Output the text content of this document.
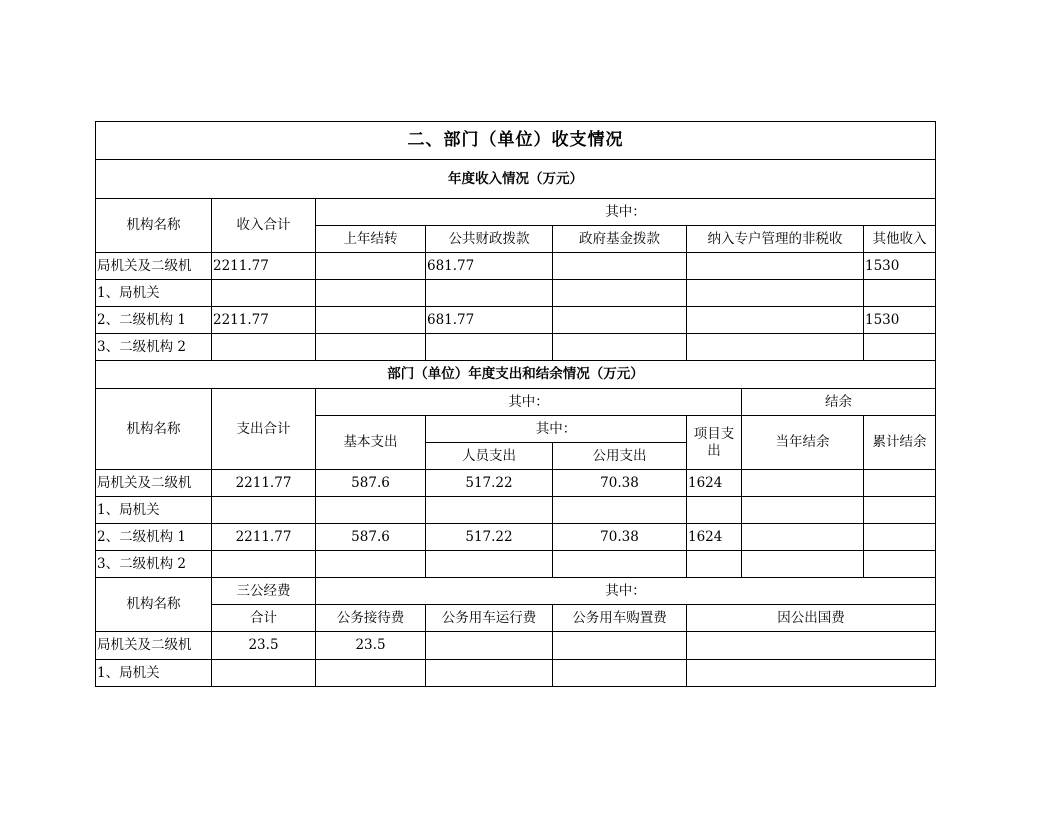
二、部门（单位）收支情况							
年度收入情况（万元）							
机构名称	收入合计	其中：					
		上年结转	公共财政拨款	政府基金拨款	纳入专户管理的非税收		其他收入
局机关及二级机	2211.77		681.77				1530
1、局机关							
2、二级机构 1	2211.77		681.77				1530
3、二级机构 2							
部门（单位）年度支出和结余情况（万元）							
机构名称	支出合计	其中：				结余	
		基本支出	其中：		项目支出	当年结余	累计结余
			人员支出	公用支出			
局机关及二级机	2211.77	587.6	517.22	70.38	1624		
1、局机关							
2、二级机构 1	2211.77	587.6	517.22	70.38	1624		
3、二级机构 2							
机构名称	三公经费	其中：					
	合计	公务接待费	公务用车运行费	公务用车购置费	因公出国费		
局机关及二级机	23.5	23.5					
1、局机关							
